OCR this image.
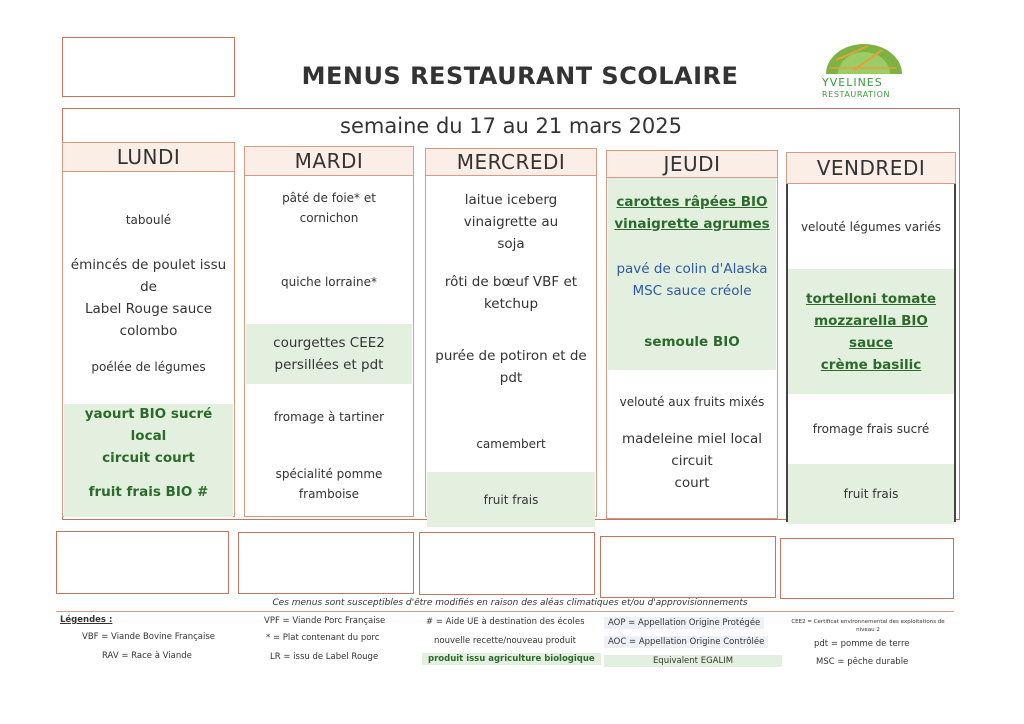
MENUS RESTAURANT SCOLAIRE	YVELINES
RESTAURATION
semaine du 17 au 21 mars 2025
LUNDI
taboulé
émincés de poulet issu de
Label Rouge sauce colombo
poélée de légumes
yaourt BIO sucré local
circuit court
fruit frais BIO #
MARDI
pâté de foie* et cornichon
quiche lorraine*
courgettes CEE2
persillées et pdt
fromage à tartiner
spécialité pomme framboise
MERCREDI
laitue iceberg vinaigrette au
soja
rôti de bœuf VBF et
ketchup
purée de potiron et de
pdt
camembert
fruit frais
JEUDI
carottes râpées BIO
vinaigrette agrumes
pavé de colin d'Alaska
MSC sauce créole
semoule BIO
velouté aux fruits mixés
madeleine miel local circuit
court
VENDREDI
velouté légumes variés
tortelloni tomate
mozzarella BIO sauce
crème basilic
fromage frais sucré
fruit frais
Ces menus sont susceptibles d'être modifiés en raison des aléas climatiques et/ou d'approvisionnements
Légendes :
VBF = Viande Bovine Française
RAV = Race à Viande
VPF = Viande Porc Française
* = Plat contenant du porc
LR = issu de Label Rouge
# = Aide UE à destination des écoles
nouvelle recette/nouveau produit
produit issu agriculture biologique
AOP = Appellation Origine Protégée
AOC = Appellation Origine Contrôlée
Equivalent EGALIM
CEE2 = Certificat environnemental des exploitations de niveau 2
pdt = pomme de terre
MSC = pêche durable
